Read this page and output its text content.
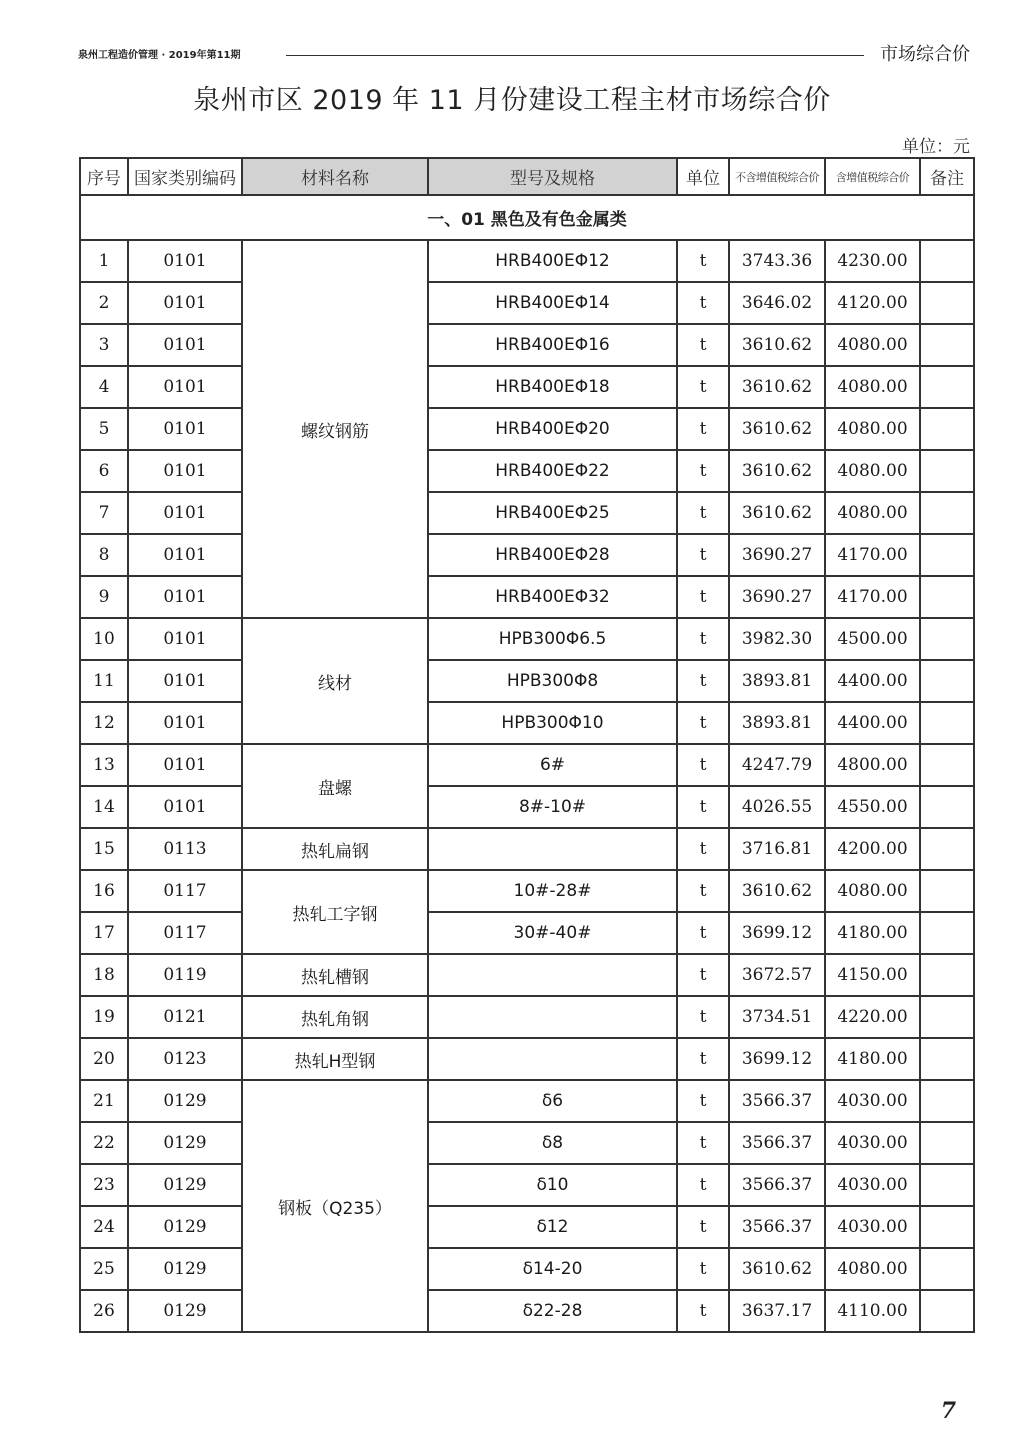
泉州工程造价管理 · 2019年第11期	市场综合价
泉州市区 2019 年 11 月份建设工程主材市场综合价
单位：元
序号	国家类别编码	材料名称	型号及规格	单位	不含增值税综合价	含增值税综合价	备注
一、01 黑色及有色金属类							
1	0101	螺纹钢筋	HRB400EΦ12	t	3743.36	4230.00	
2	0101		HRB400EΦ14	t	3646.02	4120.00	
3	0101		HRB400EΦ16	t	3610.62	4080.00	
4	0101		HRB400EΦ18	t	3610.62	4080.00	
5	0101		HRB400EΦ20	t	3610.62	4080.00	
6	0101		HRB400EΦ22	t	3610.62	4080.00	
7	0101		HRB400EΦ25	t	3610.62	4080.00	
8	0101		HRB400EΦ28	t	3690.27	4170.00	
9	0101		HRB400EΦ32	t	3690.27	4170.00	
10	0101	线材	HPB300Φ6.5	t	3982.30	4500.00	
11	0101		HPB300Φ8	t	3893.81	4400.00	
12	0101		HPB300Φ10	t	3893.81	4400.00	
13	0101	盘螺	6#	t	4247.79	4800.00	
14	0101		8#-10#	t	4026.55	4550.00	
15	0113	热轧扁钢		t	3716.81	4200.00	
16	0117	热轧工字钢	10#-28#	t	3610.62	4080.00	
17	0117		30#-40#	t	3699.12	4180.00	
18	0119	热轧槽钢		t	3672.57	4150.00	
19	0121	热轧角钢		t	3734.51	4220.00	
20	0123	热轧H型钢		t	3699.12	4180.00	
21	0129	钢板（Q235）	δ6	t	3566.37	4030.00	
22	0129		δ8	t	3566.37	4030.00	
23	0129		δ10	t	3566.37	4030.00	
24	0129		δ12	t	3566.37	4030.00	
25	0129		δ14-20	t	3610.62	4080.00	
26	0129		δ22-28	t	3637.17	4110.00	
7
